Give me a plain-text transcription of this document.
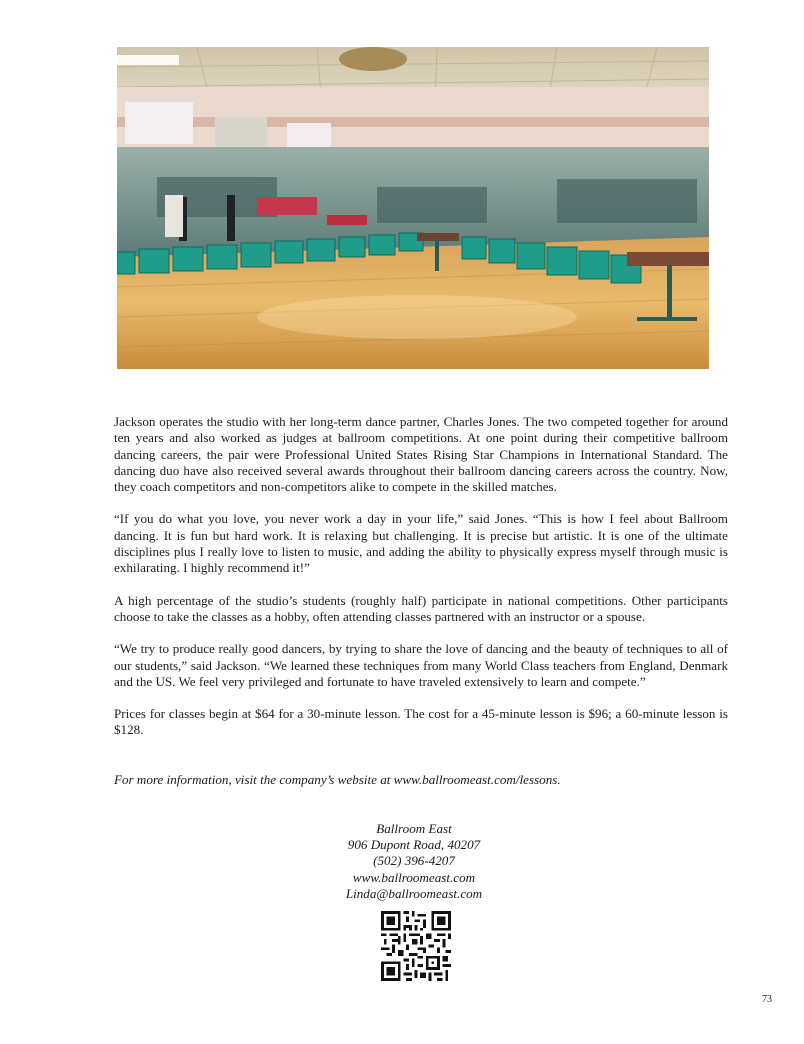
Jackson operates the studio with her long-term dance partner, Charles Jones. The two competed together for around ten years and also worked as judges at ballroom competitions. At one point during their competitive ballroom dancing careers, the pair were Professional United States Rising Star Champions in International Standard. The dancing duo have also received several awards throughout their ballroom dancing careers across the country. Now, they coach competitors and non-competitors alike to compete in the skilled matches.

“If you do what you love, you never work a day in your life,” said Jones. “This is how I feel about Ballroom dancing. It is fun but hard work. It is relaxing but challenging. It is precise but artistic. It is one of the ultimate disciplines plus I really love to listen to music, and adding the ability to physically express myself through music is exhilarating. I highly recommend it!”

A high percentage of the studio’s students (roughly half) participate in national competitions. Other participants choose to take the classes as a hobby, often attending classes partnered with an instructor or a spouse.

“We try to produce really good dancers, by trying to share the love of dancing and the beauty of techniques to all of our students,” said Jackson. “We learned these techniques from many World Class teachers from England, Denmark and the US. We feel very privileged and fortunate to have traveled extensively to learn and compete.”

Prices for classes begin at $64 for a 30-minute lesson. The cost for a 45-minute lesson is $96; a 60-minute lesson is $128.

For more information, visit the company’s website at www.ballroomeast.com/lessons.
Ballroom East
906 Dupont Road, 40207
(502) 396-4207
www.ballroomeast.com
Linda@ballroomeast.com
73
